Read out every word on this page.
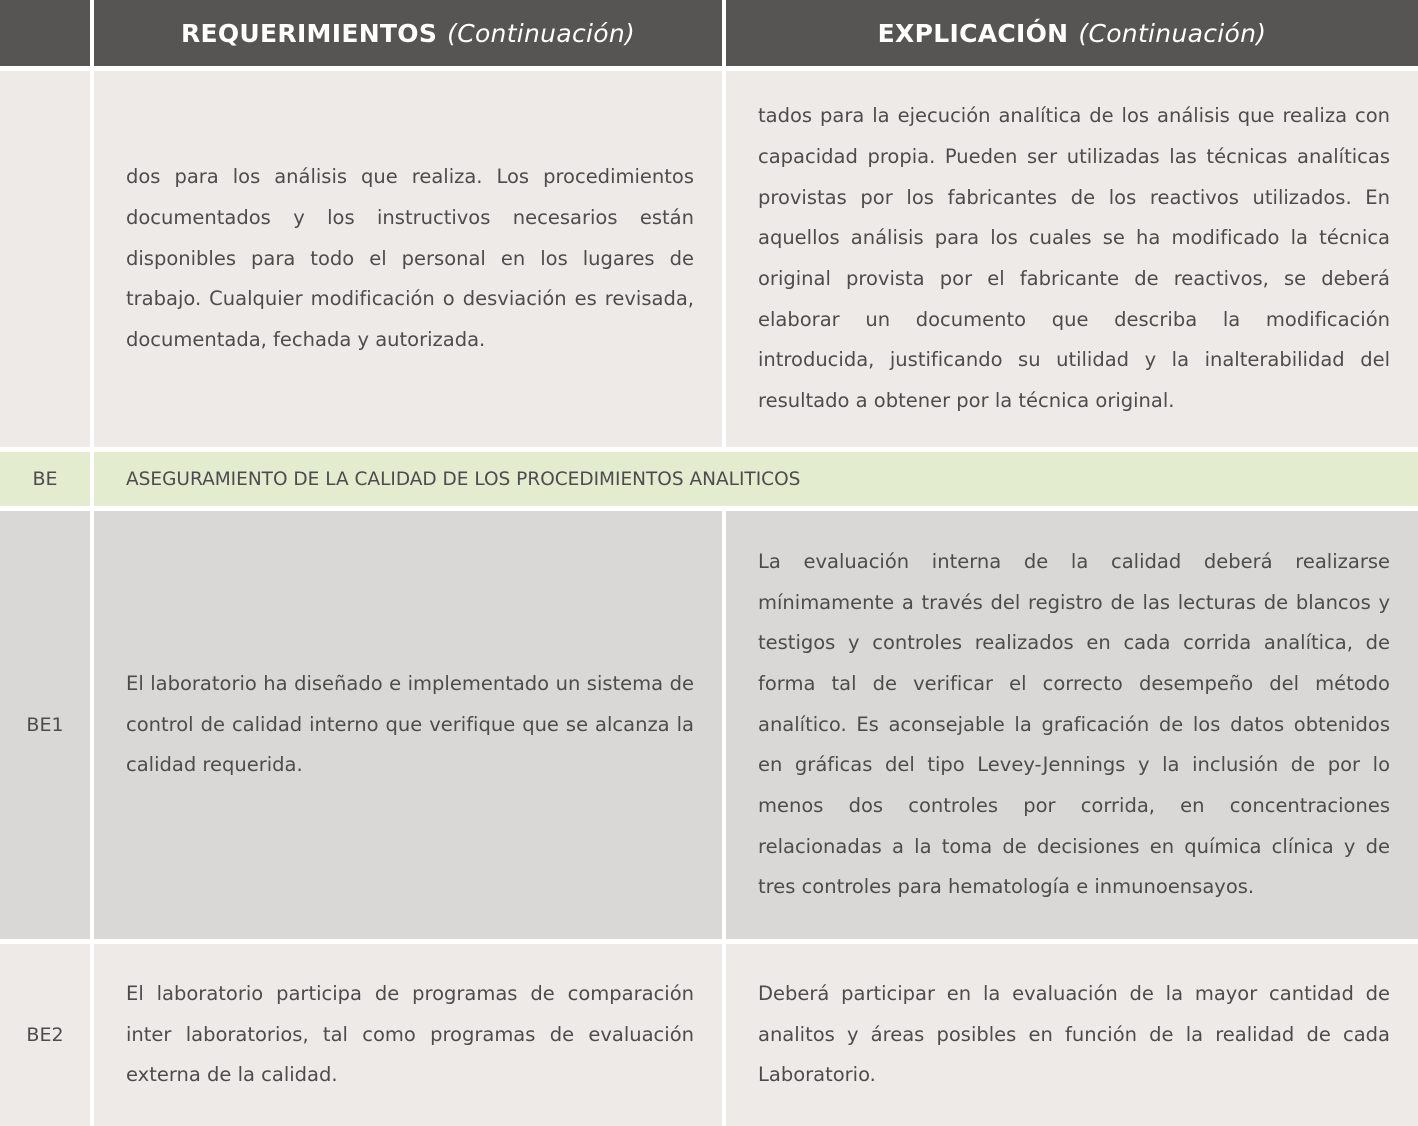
REQUERIMIENTOS (Continuación)	EXPLICACIÓN (Continuación)
dos para los análisis que realiza. Los procedimientos documentados y los instructivos necesarios están disponibles para todo el personal en los lugares de trabajo. Cualquier modificación o desviación es revisada, documentada, fechada y autorizada.
tados para la ejecución analítica de los análisis que realiza con capacidad propia. Pueden ser utilizadas las técnicas analíticas provistas por los fabricantes de los reactivos utilizados. En aquellos análisis para los cuales se ha modificado la técnica original provista por el fabricante de reactivos, se deberá elaborar un documento que describa la modificación introducida, justificando su utilidad y la inalterabilidad del resultado a obtener por la técnica original.
BE	ASEGURAMIENTO DE LA CALIDAD DE LOS PROCEDIMIENTOS ANALITICOS
BE1
El laboratorio ha diseñado e implementado un sistema de control de calidad interno que verifique que se alcanza la calidad requerida.
La evaluación interna de la calidad deberá realizarse mínimamente a través del registro de las lecturas de blancos y testigos y controles realizados en cada corrida analítica, de forma tal de verificar el correcto desempeño del método analítico. Es aconsejable la graficación de los datos obtenidos en gráficas del tipo Levey-Jennings y la inclusión de por lo menos dos controles por corrida, en concentraciones relacionadas a la toma de decisiones en química clínica y de tres controles para hematología e inmunoensayos.
BE2
El laboratorio participa de programas de comparación inter laboratorios, tal como programas de evaluación externa de la calidad.
Deberá participar en la evaluación de la mayor cantidad de analitos y áreas posibles en función de la realidad de cada Laboratorio.
